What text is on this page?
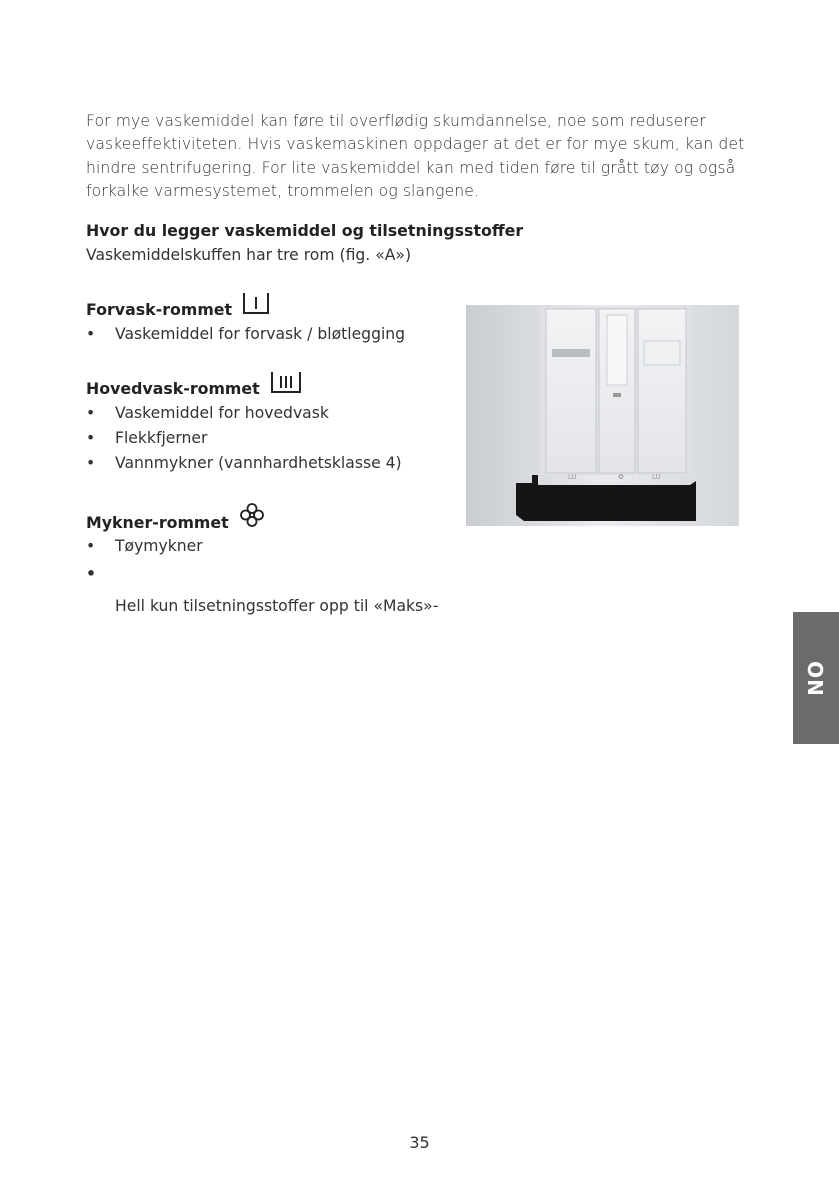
For mye vaskemiddel kan føre til overflødig skumdannelse, noe som reduserer vaskeeffektiviteten. Hvis vaskemaskinen oppdager at det er for mye skum, kan det hindre sentrifugering. For lite vaskemiddel kan med tiden føre til grått tøy og også forkalke varmesystemet, trommelen og slangene.
Hvor du legger vaskemiddel og tilsetningsstoffer
Vaskemiddelskuffen har tre rom (fig. «A»)
Forvask-rommet
•	Vaskemiddel for forvask / bløtlegging
Hovedvask-rommet
•	Vaskemiddel for hovedvask
•	Flekkfjerner
•	Vannmykner (vannhardhetsklasse 4)
Mykner-rommet
•	Tøymykner
•
Hell kun tilsetningsstoffer opp til «Maks»-
LU	✿	LU
NO
35
